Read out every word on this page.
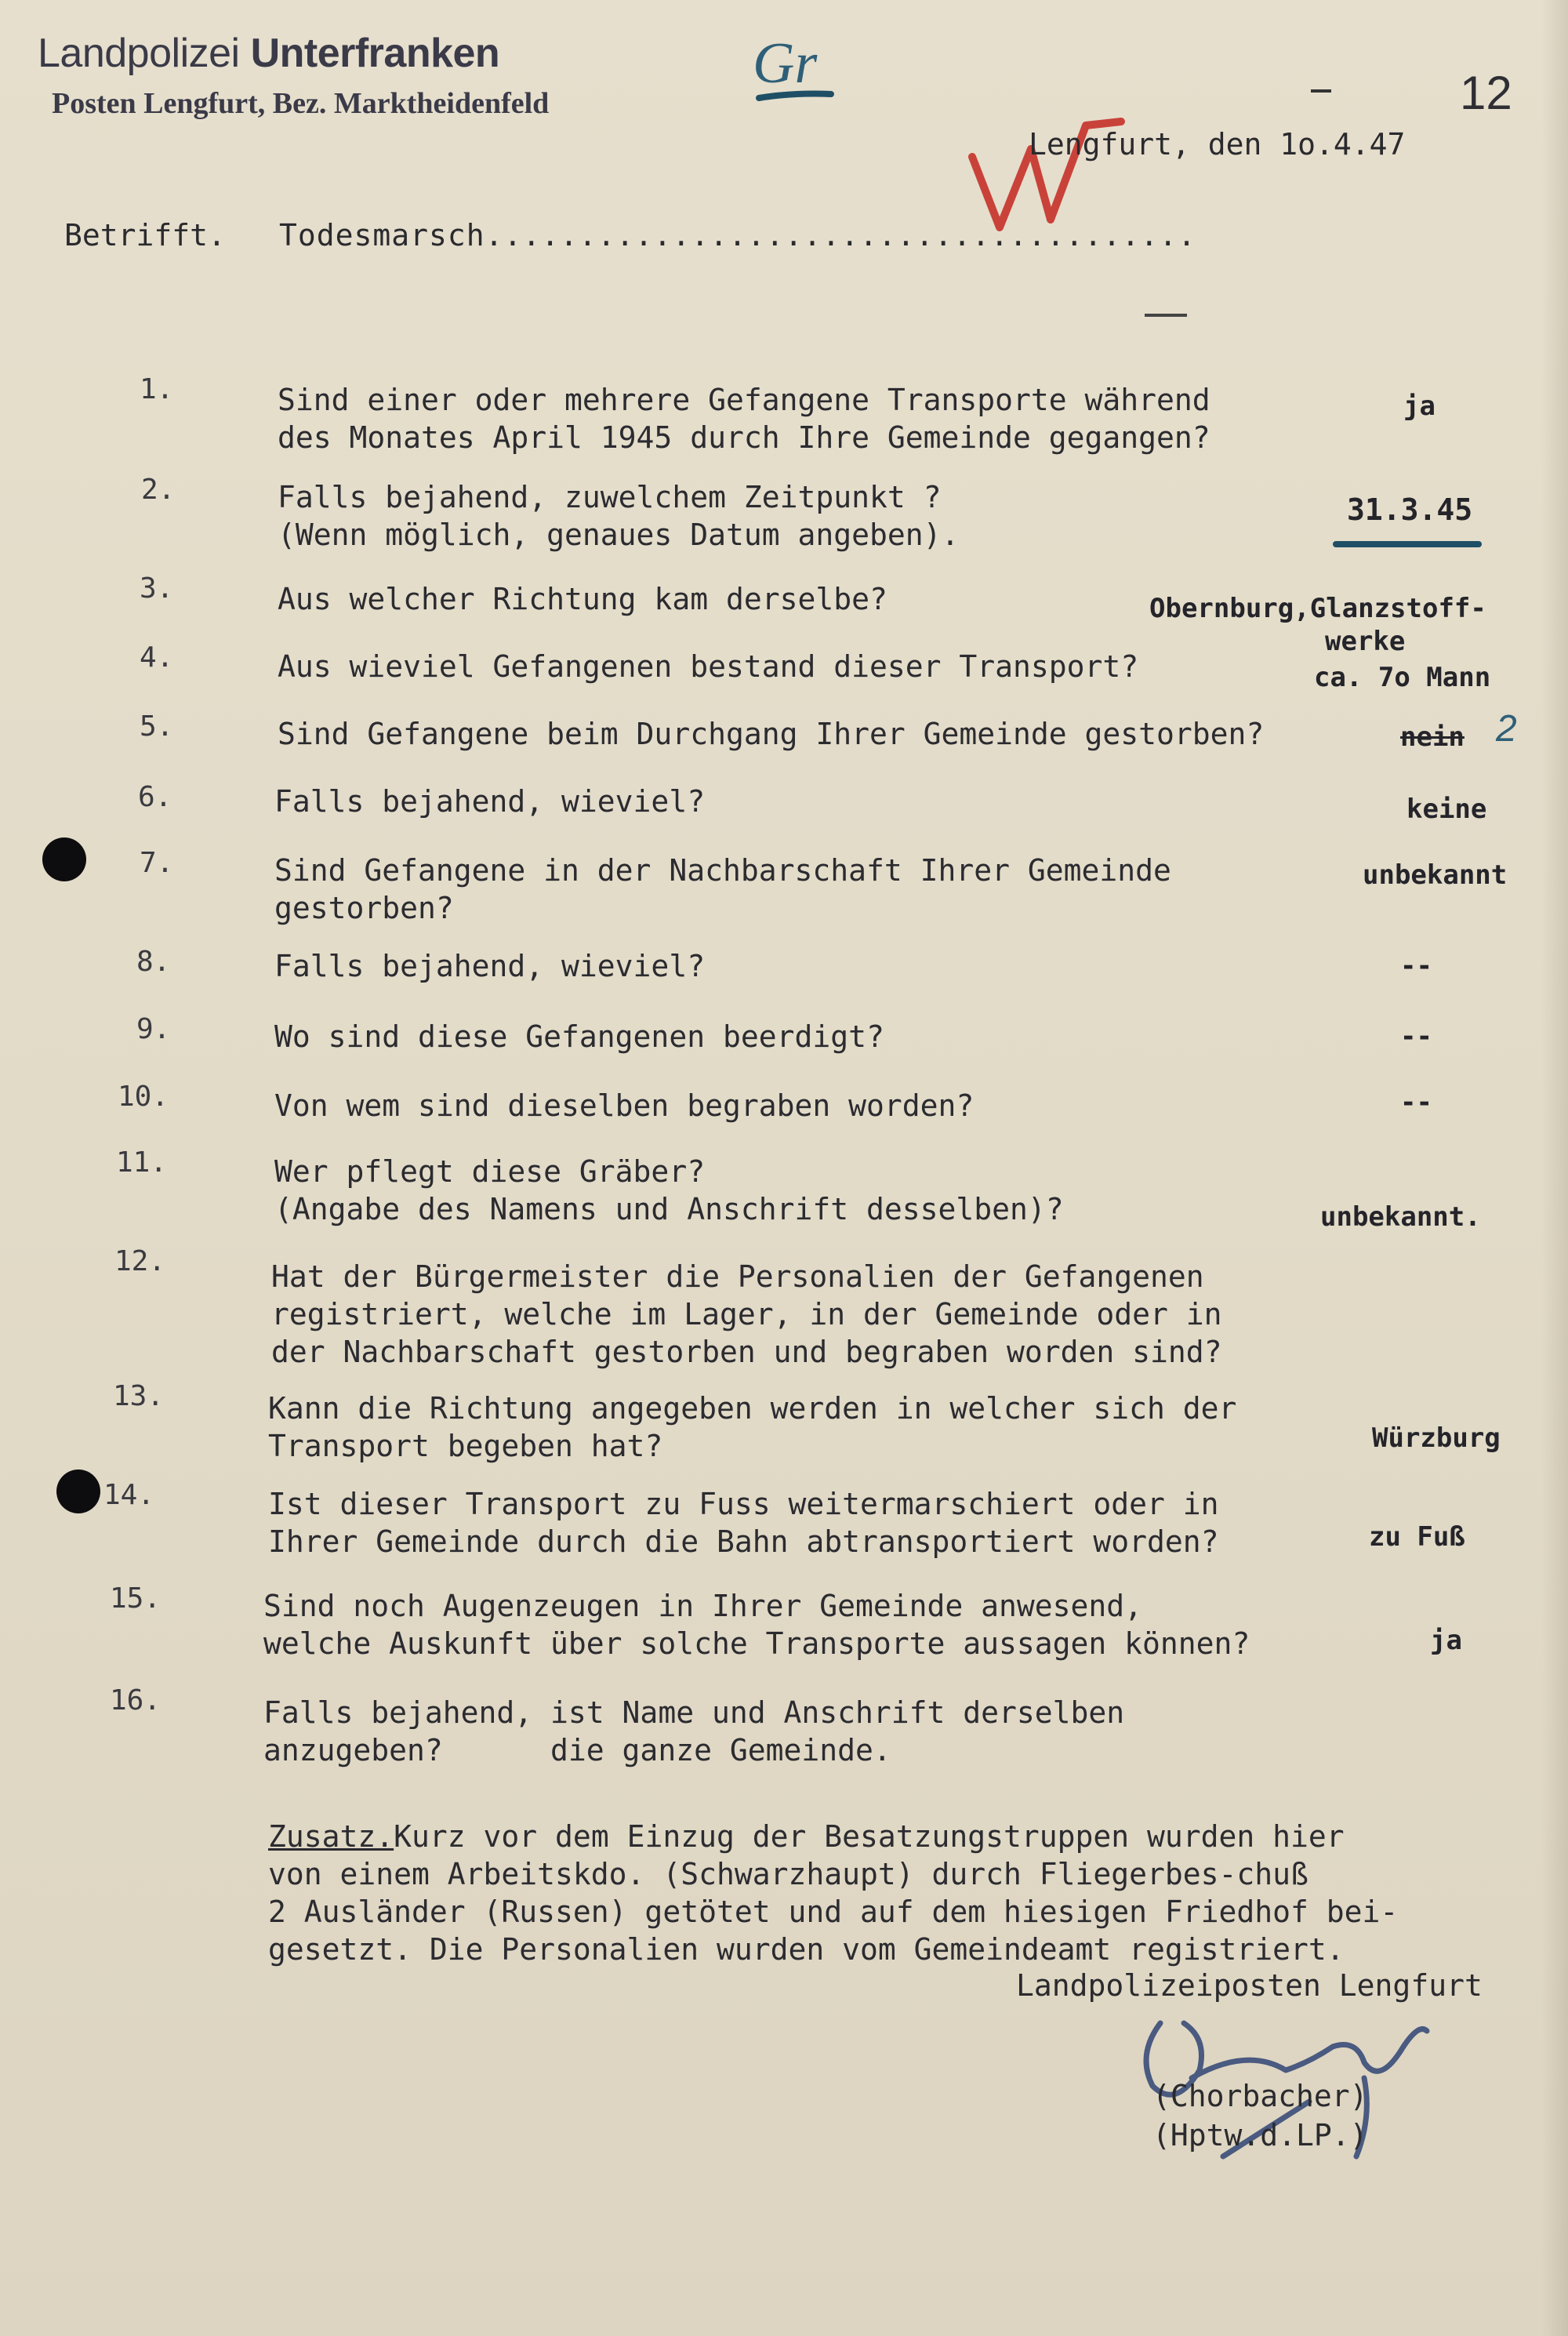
Landpolizei Unterfranken
Posten Lengfurt, Bez. Marktheidenfeld
Gr	12
Lengfurt, den 1o.4.47
Betrifft. Todesmarsch......................................
1.	Sind einer oder mehrere Gefangene Transporte während
des Monates April 1945 durch Ihre Gemeinde gegangen?
ja
2.	Falls bejahend, zuwelchem Zeitpunkt ?
(Wenn möglich, genaues Datum angeben).
31.3.45
3.	Aus welcher Richtung kam derselbe?	Obernburg,Glanzstoff-
werke
4.	Aus wieviel Gefangenen bestand dieser Transport?	ca. 7o Mann
5.	Sind Gefangene beim Durchgang Ihrer Gemeinde gestorben?	nein 2
6.	Falls bejahend, wieviel?	keine
7.	Sind Gefangene in der Nachbarschaft Ihrer Gemeinde
gestorben?
unbekannt
8.	Falls bejahend, wieviel?	--
9.	Wo sind diese Gefangenen beerdigt?	--
10.	Von wem sind dieselben begraben worden?	--
11.	Wer pflegt diese Gräber?
(Angabe des Namens und Anschrift desselben)?	unbekannt.
12.	Hat der Bürgermeister die Personalien der Gefangenen
registriert, welche im Lager, in der Gemeinde oder in
der Nachbarschaft gestorben und begraben worden sind?
13.	Kann die Richtung angegeben werden in welcher sich der
Transport begeben hat?	Würzburg
14.	Ist dieser Transport zu Fuss weitermarschiert oder in
Ihrer Gemeinde durch die Bahn abtransportiert worden?	zu Fuß
15.	Sind noch Augenzeugen in Ihrer Gemeinde anwesend,
welche Auskunft über solche Transporte aussagen können?	ja
16.	Falls bejahend, ist Name und Anschrift derselben
anzugeben?      die ganze Gemeinde.
Zusatz.Kurz vor dem Einzug der Besatzungstruppen wurden hier
von einem Arbeitskdo. (Schwarzhaupt) durch Fliegerbes-chuß
2 Ausländer (Russen) getötet und auf dem hiesigen Friedhof bei-
gesetzt. Die Personalien wurden vom Gemeindeamt registriert.
Landpolizeiposten Lengfurt
(Chorbacher)
(Hptw.d.LP.)
